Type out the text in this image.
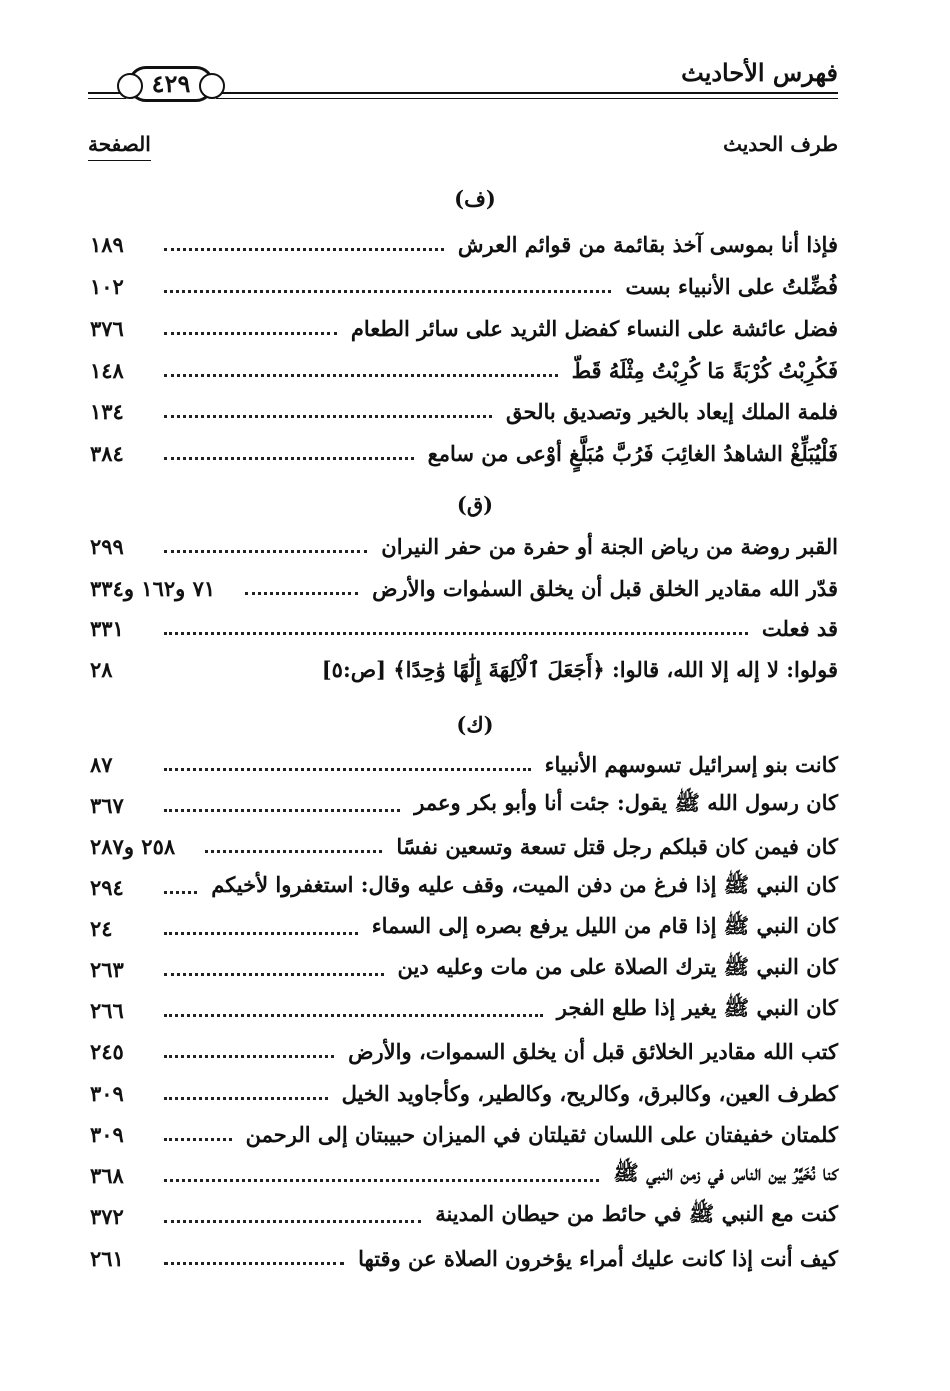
فهرس الأحاديث
٤٢٩
طرف الحديث
الصفحة
(ف)
فإذا أنا بموسى آخذ بقائمة من قوائم العرش
١٨٩
فُضِّلتُ على الأنبياء بست
١٠٢
فضل عائشة على النساء كفضل الثريد على سائر الطعام
٣٧٦
فَكُرِبْتُ كُرْبَةً مَا كُرِبْتُ مِثْلَهُ قَطّ
١٤٨
فلمة الملك إيعاد بالخير وتصديق بالحق
١٣٤
فَلْيُبَلِّغْ الشاهدُ الغائِبَ فَرُبَّ مُبَلَّغٍ أوْعى من سامع
٣٨٤
(ق)
القبر روضة من رياض الجنة أو حفرة من حفر النيران
٢٩٩
قدّر الله مقادير الخلق قبل أن يخلق السمٰوات والأرض
٧١ و١٦٢ و٣٣٤
قد فعلت
٣٣١
قولوا: لا إله إلا الله، قالوا: ﴿أَجَعَلَ ٱلْآلِهَةَ إِلَٰهًا وَٰحِدًا﴾ [ص:٥]
٢٨
(ك)
كانت بنو إسرائيل تسوسهم الأنبياء
٨٧
كان رسول الله ﷺ يقول: جئت أنا وأبو بكر وعمر
٣٦٧
كان فيمن كان قبلكم رجل قتل تسعة وتسعين نفسًا
٢٥٨ و٢٨٧
كان النبي ﷺ إذا فرغ من دفن الميت، وقف عليه وقال: استغفروا لأخيكم
٢٩٤
كان النبي ﷺ إذا قام من الليل يرفع بصره إلى السماء
٢٤
كان النبي ﷺ يترك الصلاة على من مات وعليه دين
٢٦٣
كان النبي ﷺ يغير إذا طلع الفجر
٢٦٦
كتب الله مقادير الخلائق قبل أن يخلق السموات، والأرض
٢٤٥
كطرف العين، وكالبرق، وكالريح، وكالطير، وكأجاويد الخيل
٣٠٩
كلمتان خفيفتان على اللسان ثقيلتان في الميزان حبيبتان إلى الرحمن
٣٠٩
كنا نُخَيَّرُ بين الناس في زمن النبي ﷺ
٣٦٨
كنت مع النبي ﷺ في حائط من حيطان المدينة
٣٧٢
كيف أنت إذا كانت عليك أمراء يؤخرون الصلاة عن وقتها
٢٦١
